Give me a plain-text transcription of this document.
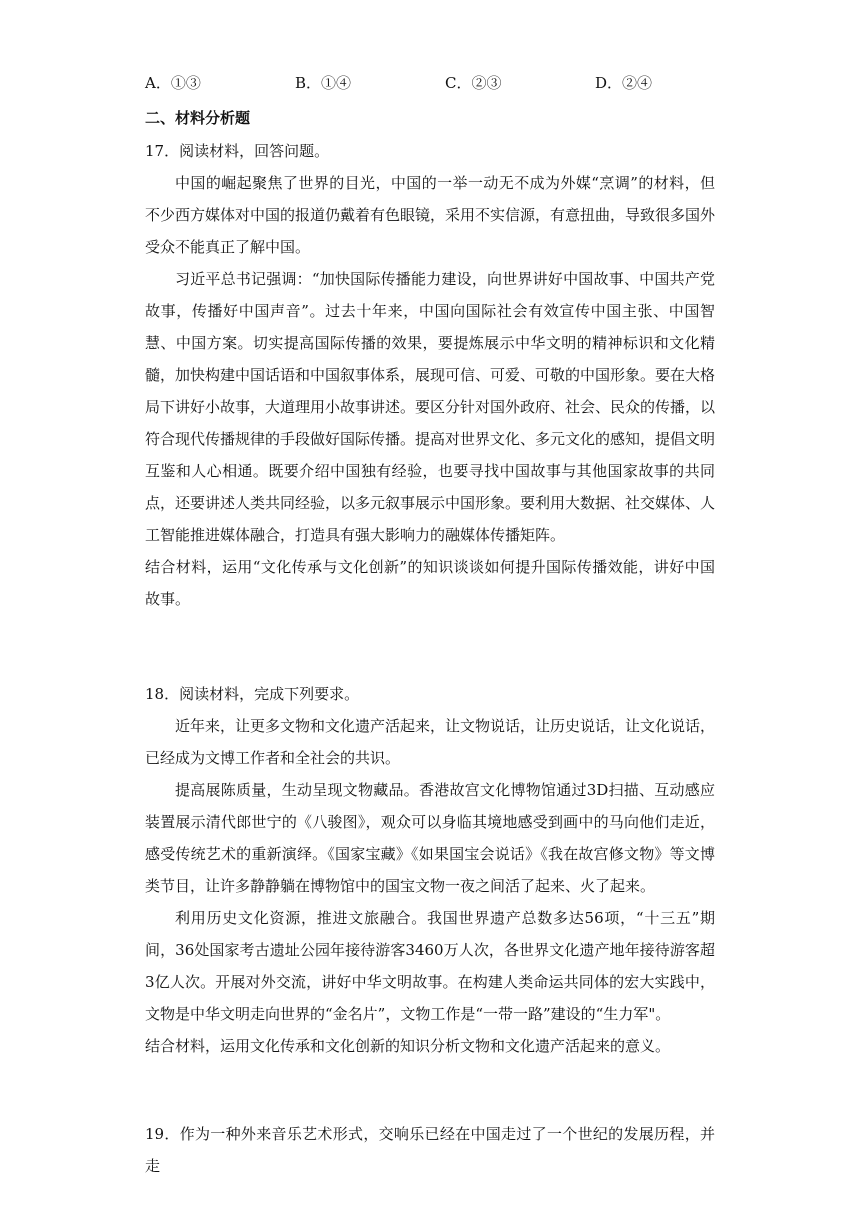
A．①③	B．①④	C．②③	D．②④
二、材料分析题

17．阅读材料，回答问题。

中国的崛起聚焦了世界的目光，中国的一举一动无不成为外媒“烹调”的材料，但不少西方媒体对中国的报道仍戴着有色眼镜，采用不实信源，有意扭曲，导致很多国外受众不能真正了解中国。

习近平总书记强调：“加快国际传播能力建设，向世界讲好中国故事、中国共产党故事，传播好中国声音”。过去十年来，中国向国际社会有效宣传中国主张、中国智慧、中国方案。切实提高国际传播的效果，要提炼展示中华文明的精神标识和文化精髓，加快构建中国话语和中国叙事体系，展现可信、可爱、可敬的中国形象。要在大格局下讲好小故事，大道理用小故事讲述。要区分针对国外政府、社会、民众的传播，以符合现代传播规律的手段做好国际传播。提高对世界文化、多元文化的感知，提倡文明互鉴和人心相通。既要介绍中国独有经验，也要寻找中国故事与其他国家故事的共同点，还要讲述人类共同经验，以多元叙事展示中国形象。要利用大数据、社交媒体、人工智能推进媒体融合，打造具有强大影响力的融媒体传播矩阵。

结合材料，运用“文化传承与文化创新”的知识谈谈如何提升国际传播效能，讲好中国故事。

18．阅读材料，完成下列要求。

近年来，让更多文物和文化遗产活起来，让文物说话，让历史说话，让文化说话，已经成为文博工作者和全社会的共识。

提高展陈质量，生动呈现文物藏品。香港故宫文化博物馆通过3D扫描、互动感应装置展示清代郎世宁的《八骏图》，观众可以身临其境地感受到画中的马向他们走近，感受传统艺术的重新演绎。《国家宝藏》《如果国宝会说话》《我在故宫修文物》等文博类节目，让许多静静躺在博物馆中的国宝文物一夜之间活了起来、火了起来。

利用历史文化资源，推进文旅融合。我国世界遗产总数多达56项，“十三五”期间，36处国家考古遗址公园年接待游客3460万人次，各世界文化遗产地年接待游客超3亿人次。开展对外交流，讲好中华文明故事。在构建人类命运共同体的宏大实践中，文物是中华文明走向世界的“金名片”，文物工作是“一带一路”建设的“生力军"。

结合材料，运用文化传承和文化创新的知识分析文物和文化遗产活起来的意义。

19．作为一种外来音乐艺术形式，交响乐已经在中国走过了一个世纪的发展历程，并走
